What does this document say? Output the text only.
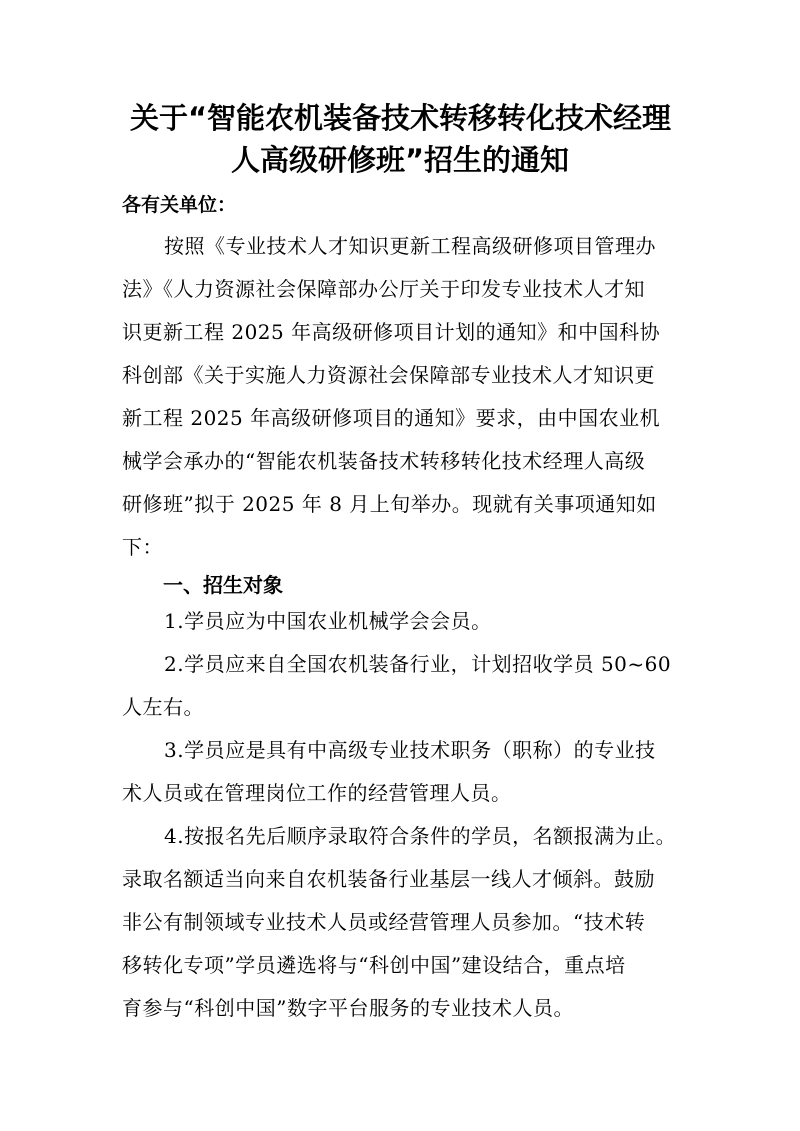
关于“智能农机装备技术转移转化技术经理
人高级研修班”招生的通知
各有关单位：
按照《专业技术人才知识更新工程高级研修项目管理办
法》《人力资源社会保障部办公厅关于印发专业技术人才知
识更新工程 2025 年高级研修项目计划的通知》和中国科协
科创部《关于实施人力资源社会保障部专业技术人才知识更
新工程 2025 年高级研修项目的通知》要求，由中国农业机
械学会承办的“智能农机装备技术转移转化技术经理人高级
研修班”拟于 2025 年 8 月上旬举办。现就有关事项通知如
下：
一、招生对象
1.学员应为中国农业机械学会会员。
2.学员应来自全国农机装备行业，计划招收学员 50~60
人左右。
3.学员应是具有中高级专业技术职务（职称）的专业技
术人员或在管理岗位工作的经营管理人员。
4.按报名先后顺序录取符合条件的学员，名额报满为止。
录取名额适当向来自农机装备行业基层一线人才倾斜。鼓励
非公有制领域专业技术人员或经营管理人员参加。“技术转
移转化专项”学员遴选将与“科创中国”建设结合，重点培
育参与“科创中国”数字平台服务的专业技术人员。
